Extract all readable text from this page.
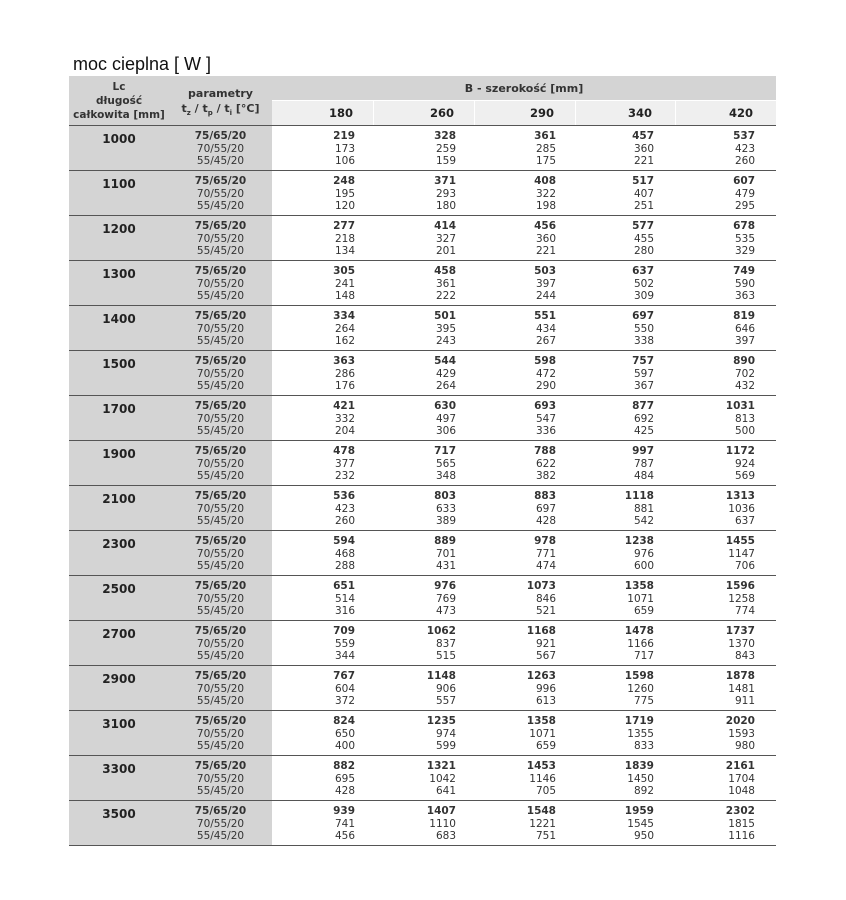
moc cieplna [ W ]
Lc
długość
całkowita [mm]
parametry
$t_z / t_p / t_i$ [°C]
B - szerokość [mm]
180	260	290	340	420
1000	75/65/20	219	328	361	457	537
70/55/20	173	259	285	360	423
55/45/20	106	159	175	221	260
1100	75/65/20	248	371	408	517	607
70/55/20	195	293	322	407	479
55/45/20	120	180	198	251	295
1200	75/65/20	277	414	456	577	678
70/55/20	218	327	360	455	535
55/45/20	134	201	221	280	329
1300	75/65/20	305	458	503	637	749
70/55/20	241	361	397	502	590
55/45/20	148	222	244	309	363
1400	75/65/20	334	501	551	697	819
70/55/20	264	395	434	550	646
55/45/20	162	243	267	338	397
1500	75/65/20	363	544	598	757	890
70/55/20	286	429	472	597	702
55/45/20	176	264	290	367	432
1700	75/65/20	421	630	693	877	1031
70/55/20	332	497	547	692	813
55/45/20	204	306	336	425	500
1900	75/65/20	478	717	788	997	1172
70/55/20	377	565	622	787	924
55/45/20	232	348	382	484	569
2100	75/65/20	536	803	883	1118	1313
70/55/20	423	633	697	881	1036
55/45/20	260	389	428	542	637
2300	75/65/20	594	889	978	1238	1455
70/55/20	468	701	771	976	1147
55/45/20	288	431	474	600	706
2500	75/65/20	651	976	1073	1358	1596
70/55/20	514	769	846	1071	1258
55/45/20	316	473	521	659	774
2700	75/65/20	709	1062	1168	1478	1737
70/55/20	559	837	921	1166	1370
55/45/20	344	515	567	717	843
2900	75/65/20	767	1148	1263	1598	1878
70/55/20	604	906	996	1260	1481
55/45/20	372	557	613	775	911
3100	75/65/20	824	1235	1358	1719	2020
70/55/20	650	974	1071	1355	1593
55/45/20	400	599	659	833	980
3300	75/65/20	882	1321	1453	1839	2161
70/55/20	695	1042	1146	1450	1704
55/45/20	428	641	705	892	1048
3500	75/65/20	939	1407	1548	1959	2302
70/55/20	741	1110	1221	1545	1815
55/45/20	456	683	751	950	1116
